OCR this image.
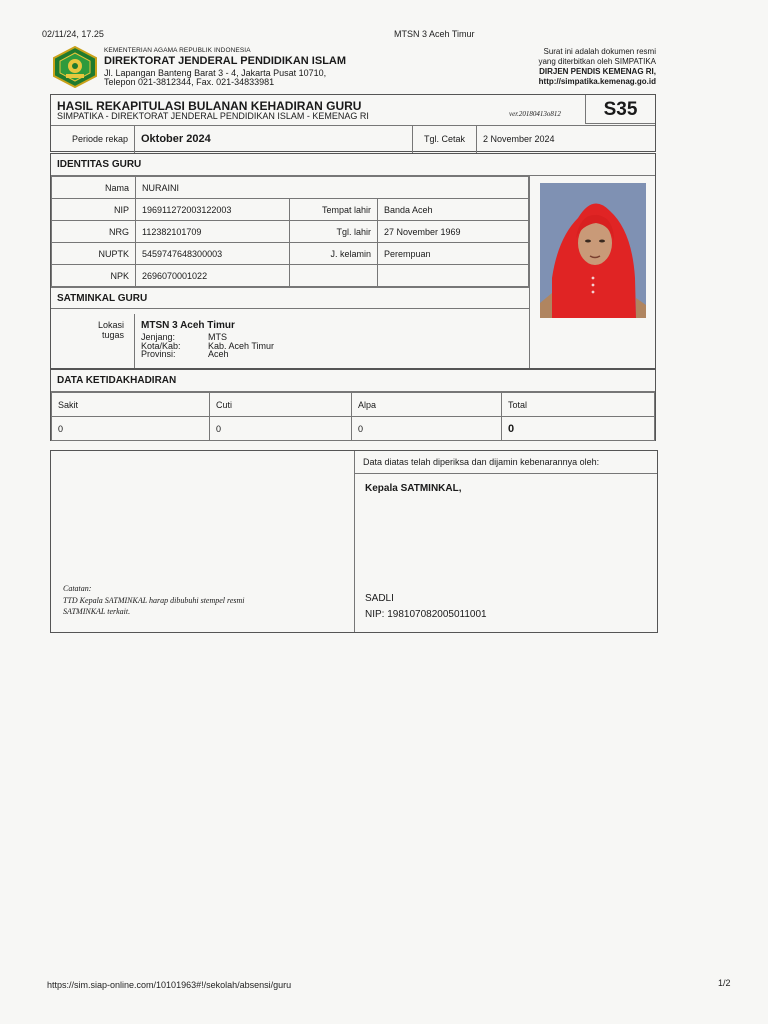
02/11/24, 17.25	MTSN 3 Aceh Timur
KEMENTERIAN AGAMA REPUBLIK INDONESIA
DIREKTORAT JENDERAL PENDIDIKAN ISLAM
Jl. Lapangan Banteng Barat 3 - 4, Jakarta Pusat 10710,
Telepon 021-3812344, Fax. 021-34833981
Surat ini adalah dokumen resmi
yang diterbitkan oleh SIMPATIKA
DIRJEN PENDIS KEMENAG RI,
http://simpatika.kemenag.go.id
HASIL REKAPITULASI BULANAN KEHADIRAN GURU
SIMPATIKA - DIREKTORAT JENDERAL PENDIDIKAN ISLAM - KEMENAG RI	ver.20180413o812	S35
Periode rekap	Oktober 2024	Tgl. Cetak	2 November 2024
IDENTITAS GURU
Nama	NURAINI		
NIP	196911272003122003	Tempat lahir	Banda Aceh
NRG	112382101709	Tgl. lahir	27 November 1969
NUPTK	5459747648300003	J. kelamin	Perempuan
NPK	2696070001022		
SATMINKAL GURU
Lokasi
tugas
MTSN 3 Aceh Timur
Jenjang:	MTS
Kota/Kab:	Kab. Aceh Timur
Provinsi:	Aceh
DATA KETIDAKHADIRAN
Sakit	Cuti	Alpa	Total
0	0	0	0
Data diatas telah diperiksa dan dijamin kebenarannya oleh:
Kepala SATMINKAL,
SADLI
NIP: 198107082005011001
Catatan:
TTD Kepala SATMINKAL harap dibubuhi stempel resmi
SATMINKAL terkait.
https://sim.siap-online.com/10101963#!/sekolah/absensi/guru	1/2
